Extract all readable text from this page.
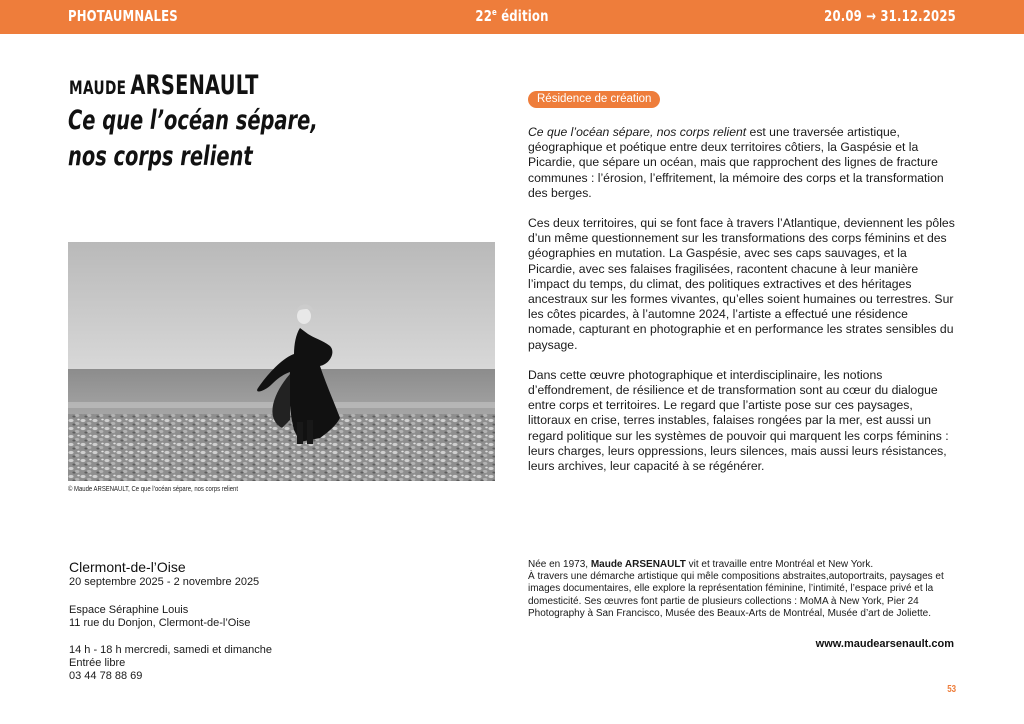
PHOTAUMNALES	22e édition	20.09 → 31.12.2025
MAUDE ARSENAULT
Ce que l’océan sépare,
nos corps relient
© Maude ARSENAULT, Ce que l’océan sépare, nos corps relient
Résidence de création

Ce que l’océan sépare, nos corps relient est une traversée artistique, géographique et poétique entre deux territoires côtiers, la Gaspésie et la Picardie, que sépare un océan, mais que rapprochent des lignes de fracture communes : l’érosion, l’effritement, la mémoire des corps et la transformation des berges.

Ces deux territoires, qui se font face à travers l’Atlantique, deviennent les pôles d’un même questionnement sur les transformations des corps féminins et des géographies en mutation. La Gaspésie, avec ses caps sauvages, et la Picardie, avec ses falaises fragilisées, racontent chacune à leur manière l’impact du temps, du climat, des politiques extractives et des héritages ancestraux sur les formes vivantes, qu’elles soient humaines ou terrestres. Sur les côtes picardes, à l’automne 2024, l’artiste a effectué une résidence nomade, capturant en photographie et en performance les strates sensibles du paysage.

Dans cette œuvre photographique et interdisciplinaire, les notions d’effondrement, de résilience et de transformation sont au cœur du dialogue entre corps et territoires. Le regard que l’artiste pose sur ces paysages, littoraux en crise, terres instables, falaises rongées par la mer, est aussi un regard politique sur les systèmes de pouvoir qui marquent les corps féminins : leurs charges, leurs oppressions, leurs silences, mais aussi leurs résistances, leurs archives, leur capacité à se régénérer.

Clermont-de-l’Oise
20 septembre 2025 - 2 novembre 2025
Espace Séraphine Louis
11 rue du Donjon, Clermont-de-l’Oise
14 h - 18 h mercredi, samedi et dimanche
Entrée libre
03 44 78 88 69
Née en 1973, Maude ARSENAULT vit et travaille entre Montréal et New York.
À travers une démarche artistique qui mêle compositions abstraites,autoportraits, paysages et images documentaires, elle explore la représentation féminine, l’intimité, l’espace privé et la domesticité. Ses œuvres font partie de plusieurs collections : MoMA à New York, Pier 24 Photography à San Francisco, Musée des Beaux-Arts de Montréal, Musée d’art de Joliette.
www.maudearsenault.com
53
